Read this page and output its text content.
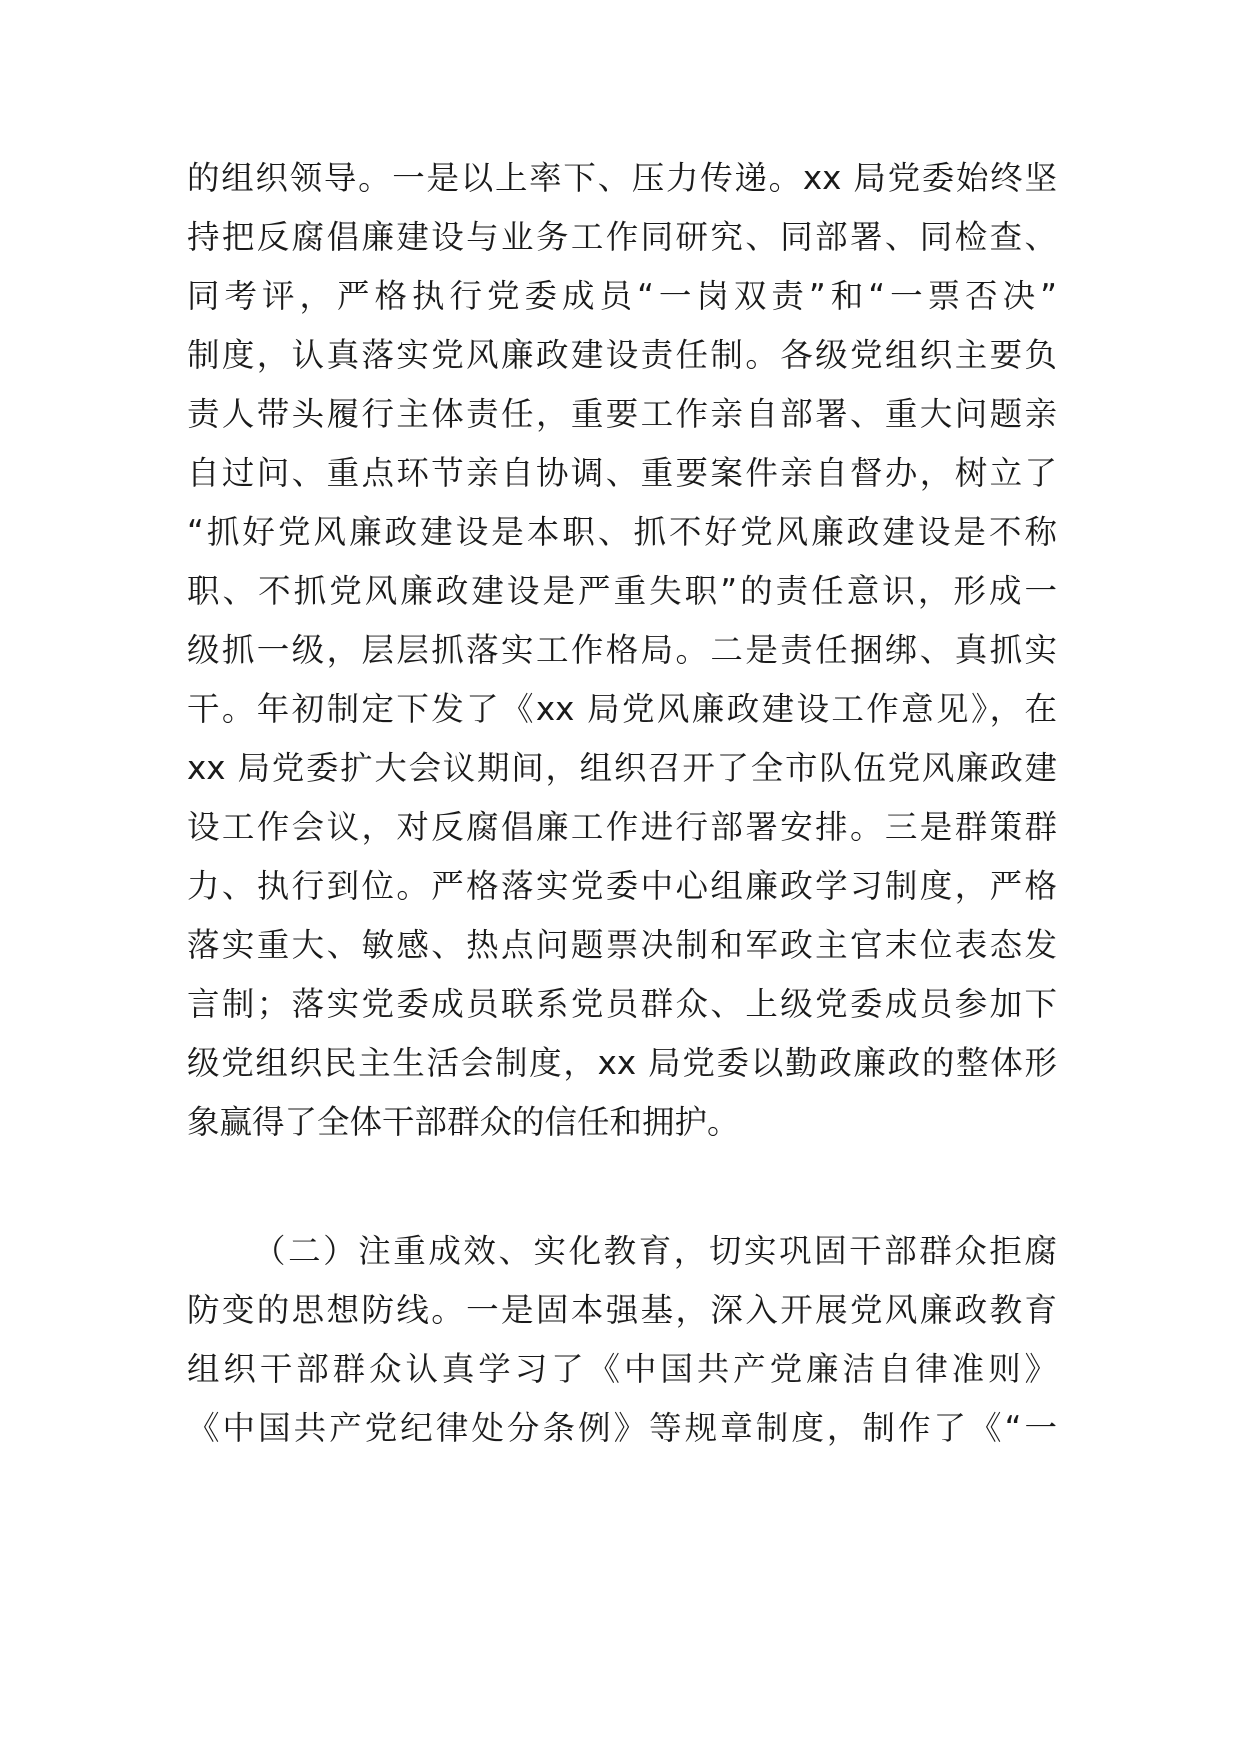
的组织领导。一是以上率下、压力传递。xx 局党委始终坚
持把反腐倡廉建设与业务工作同研究、同部署、同检查、
同考评，严格执行党委成员“一岗双责”和“一票否决”
制度，认真落实党风廉政建设责任制。各级党组织主要负
责人带头履行主体责任，重要工作亲自部署、重大问题亲
自过问、重点环节亲自协调、重要案件亲自督办，树立了
“抓好党风廉政建设是本职、抓不好党风廉政建设是不称
职、不抓党风廉政建设是严重失职”的责任意识，形成一
级抓一级，层层抓落实工作格局。二是责任捆绑、真抓实
干。年初制定下发了《xx 局党风廉政建设工作意见》，在
xx 局党委扩大会议期间，组织召开了全市队伍党风廉政建
设工作会议，对反腐倡廉工作进行部署安排。三是群策群
力、执行到位。严格落实党委中心组廉政学习制度，严格
落实重大、敏感、热点问题票决制和军政主官末位表态发
言制；落实党委成员联系党员群众、上级党委成员参加下
级党组织民主生活会制度，xx 局党委以勤政廉政的整体形
象赢得了全体干部群众的信任和拥护。
（二）注重成效、实化教育，切实巩固干部群众拒腐
防变的思想防线。一是固本强基，深入开展党风廉政教育
组织干部群众认真学习了《中国共产党廉洁自律准则》
《中国共产党纪律处分条例》等规章制度，制作了《“一
